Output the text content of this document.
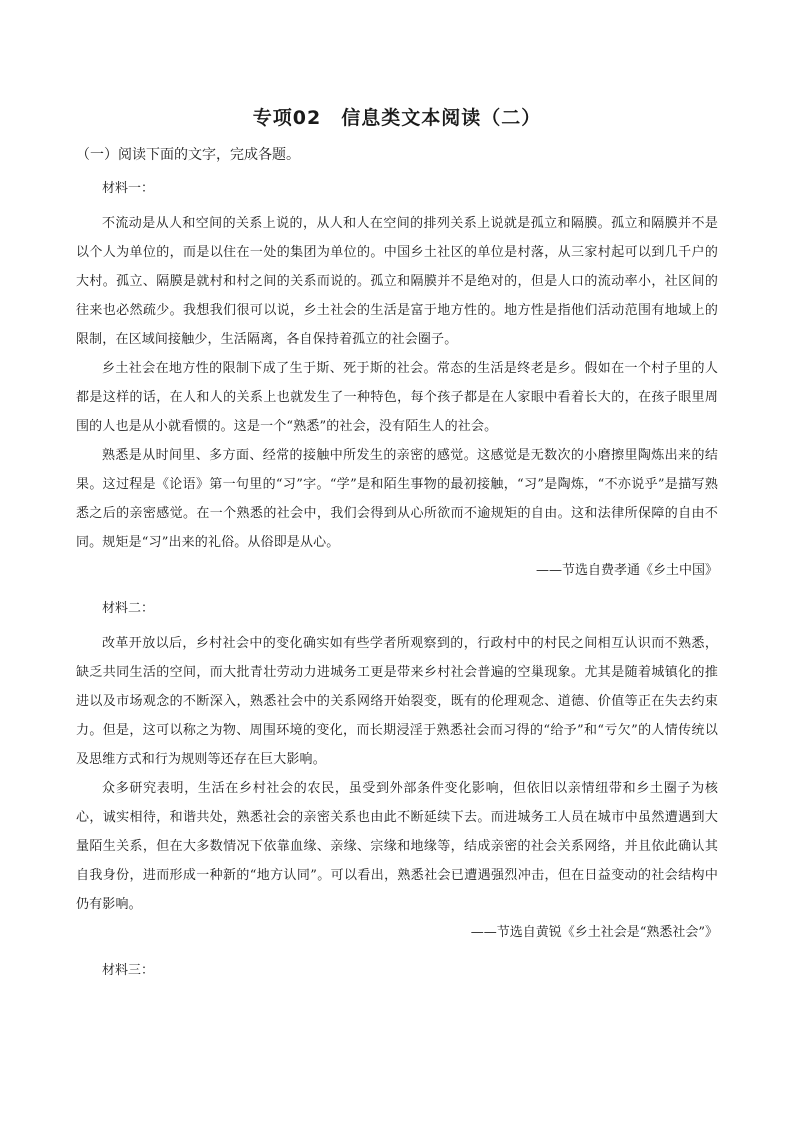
专项02　信息类文本阅读（二）

（一）阅读下面的文字，完成各题。

材料一：

不流动是从人和空间的关系上说的，从人和人在空间的排列关系上说就是孤立和隔膜。孤立和隔膜并不是以个人为单位的，而是以住在一处的集团为单位的。中国乡土社区的单位是村落，从三家村起可以到几千户的大村。孤立、隔膜是就村和村之间的关系而说的。孤立和隔膜并不是绝对的，但是人口的流动率小，社区间的往来也必然疏少。我想我们很可以说，乡土社会的生活是富于地方性的。地方性是指他们活动范围有地域上的限制，在区域间接触少，生活隔离，各自保持着孤立的社会圈子。

乡土社会在地方性的限制下成了生于斯、死于斯的社会。常态的生活是终老是乡。假如在一个村子里的人都是这样的话，在人和人的关系上也就发生了一种特色，每个孩子都是在人家眼中看着长大的，在孩子眼里周围的人也是从小就看惯的。这是一个“熟悉”的社会，没有陌生人的社会。

熟悉是从时间里、多方面、经常的接触中所发生的亲密的感觉。这感觉是无数次的小磨擦里陶炼出来的结果。这过程是《论语》第一句里的“习”字。“学”是和陌生事物的最初接触，“习”是陶炼，“不亦说乎”是描写熟悉之后的亲密感觉。在一个熟悉的社会中，我们会得到从心所欲而不逾规矩的自由。这和法律所保障的自由不同。规矩是“习”出来的礼俗。从俗即是从心。

——节选自费孝通《乡土中国》

材料二：

改革开放以后，乡村社会中的变化确实如有些学者所观察到的，行政村中的村民之间相互认识而不熟悉，缺乏共同生活的空间，而大批青壮劳动力进城务工更是带来乡村社会普遍的空巢现象。尤其是随着城镇化的推进以及市场观念的不断深入，熟悉社会中的关系网络开始裂变，既有的伦理观念、道德、价值等正在失去约束力。但是，这可以称之为物、周围环境的变化，而长期浸淫于熟悉社会而习得的“给予”和“亏欠”的人情传统以及思维方式和行为规则等还存在巨大影响。

众多研究表明，生活在乡村社会的农民，虽受到外部条件变化影响，但依旧以亲情纽带和乡土圈子为核心，诚实相待，和谐共处，熟悉社会的亲密关系也由此不断延续下去。而进城务工人员在城市中虽然遭遇到大量陌生关系，但在大多数情况下依靠血缘、亲缘、宗缘和地缘等，结成亲密的社会关系网络，并且依此确认其自我身份，进而形成一种新的“地方认同”。可以看出，熟悉社会已遭遇强烈冲击，但在日益变动的社会结构中仍有影响。

——节选自黄锐《乡土社会是“熟悉社会”》

材料三：
